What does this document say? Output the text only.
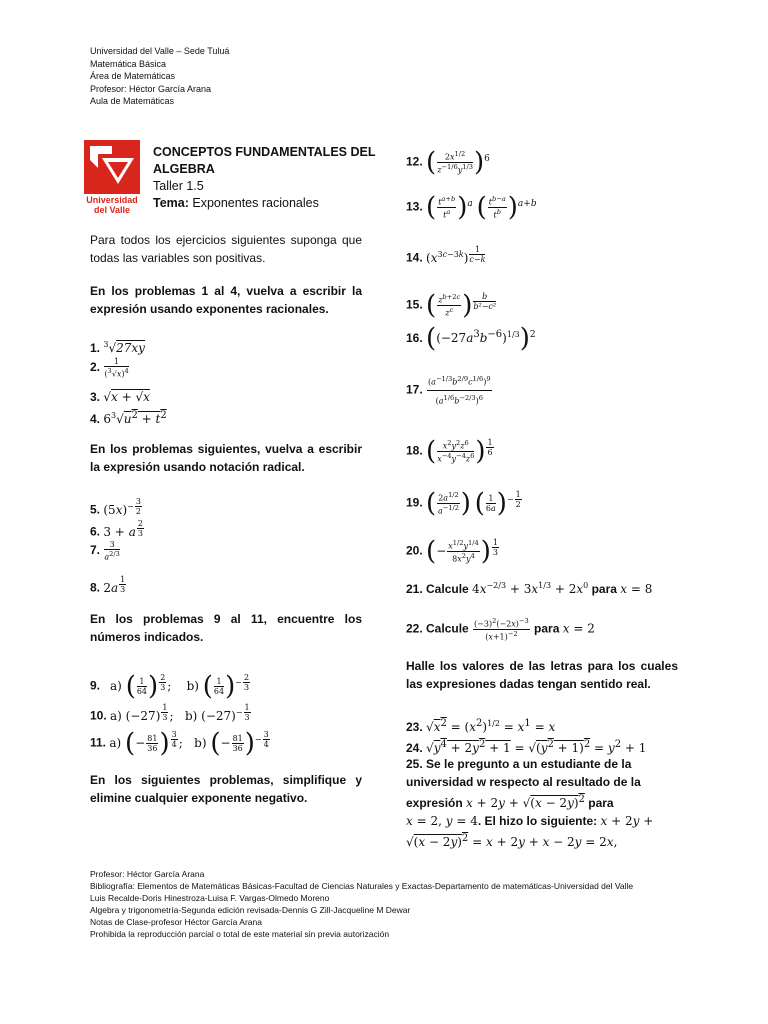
Universidad del Valle – Sede Tuluá
Matemática Básica
Área de Matemáticas
Profesor: Héctor García Arana
Aula de Matemáticas
Universidad
del Valle
CONCEPTOS FUNDAMENTALES DEL
ALGEBRA
Taller 1.5
Tema: Exponentes racionales
Para todos los ejercicios siguientes suponga que todas las variables son positivas.
En los problemas 1 al 4, vuelva a escribir la expresión usando exponentes racionales.
1. $^3$√27xy
2. $\frac{1}{(^3√x)^4}$
3. √x + √x
4. $6^3√u^2 + t^2$
En los problemas siguientes, vuelva a escribir la expresión usando notación radical.
5. $(5x)^{- \frac{3}{2}}$
6. 3 + a $^{\frac{2}{3}}$
7. $\frac{3}{a^{2/3}}$
8. 2a $^{\frac{1}{3}}$
En los problemas 9 al 11, encuentre los números indicados.
9. a) ( $\frac{1}{64}$ ) $^{\frac{2}{3}}$ ;    b) ( $\frac{1}{64} )^{- \frac{2}{3}}$
10. a) (−27) $^{\frac{1}{3}}$ ;   b) $(-27)^{- \frac{1}{3}}$
11. a) (− $\frac{81}{36}$ ) $^{\frac{3}{4}}$ ;   b) (− $\frac{81}{36} )^{- \frac{3}{4}}$
En los siguientes problemas, simplifique y elimine cualquier exponente negativo.
12. ( $\frac{2x^{1/2}}{z^{-1/6}y^{1/3}} )^6$
13. ( $\frac{t^{a+b}}{t^a} )^a$ ( $\frac{t^{b-a}}{t^b} )^{a+b}$
14. $(x^{3c-3k})$ $^{\frac{1}{c-k}}$
15. ( $\frac{z^{b+2c}}{z^c}$ ) $^{\frac{b}{\text{b²−c²}}}$
16. $((-27a^3b^{-6})^{1/3})^2$
17. $\frac{(a^{-1/3}b^{2/9}c^{1/6})^9}{(a^{1/6}b^{-2/3})^6}$
18. ( $\frac{x^2y^2z^6}{x^{-4}y^{-4}z^6}$ ) $^{\frac{1}{6}}$
19. ( $\frac{2a^{1/2}}{a^{-1/2}}$ ) ( $\frac{1}{6a} )^{- \frac{1}{2}}$
20. (− $\frac{x^{1/2}y^{1/4}}{8x^2y^4}$ ) $^{\frac{1}{3}}$
21. Calcule $4x^{-2/3} + 3x^{1/3} + 2x^0$ para x = 8
22. Calcule $\frac{(-3)^2(-2x)^{-3}}{(x+1)^{-2}}$ para x = 2
Halle los valores de las letras para los cuales las expresiones dadas tengan sentido real.
23. $√x^2 = (x^2)^{1/2} = x^1 = x$
24. $√y^4 + 2y^2 + 1 = √(y^2 + 1)^2 = y^2 + 1$
25. Se le pregunto a un estudiante de la universidad w respecto al resultado de la
expresión $x + 2y + √(x - 2y)^2$ para
x = 2, y = 4. El hizo lo siguiente: x + 2y +
$√(x - 2y)^2 = x + 2y + x - 2y = 2x$,
Profesor: Héctor García Arana
Bibliografía: Elementos de Matemáticas Básicas-Facultad de Ciencias Naturales y Exactas-Departamento de matemáticas-Universidad del Valle
Luis Recalde-Doris Hinestroza-Luisa F. Vargas-Olmedo Moreno
Algebra y trigonometría-Segunda edición revisada-Dennis G Zill-Jacqueline M Dewar
Notas de Clase-profesor Héctor García Arana
Prohibida la reproducción parcial o total de este material sin previa autorización
